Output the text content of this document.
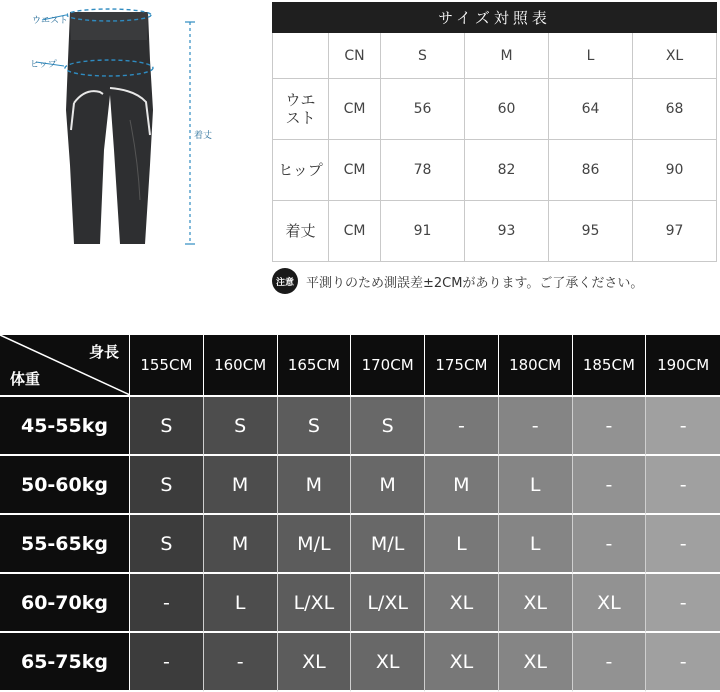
ウエスト
ヒップ
着丈
サイズ対照表					
	CN	S	M	L	XL
ウエスト	CM	56	60	64	68
ヒップ	CM	78	82	86	90
着丈	CM	91	93	95	97
注意 平測りのため測誤差±2CMがあります。ご了承ください。
身長
体重	155CM	160CM	165CM	170CM	175CM	180CM	185CM	190CM
45-55kg	S	S	S	S	-	-	-	-
50-60kg	S	M	M	M	M	L	-	-
55-65kg	S	M	M/L	M/L	L	L	-	-
60-70kg	-	L	L/XL	L/XL	XL	XL	XL	-
65-75kg	-	-	XL	XL	XL	XL	-	-
